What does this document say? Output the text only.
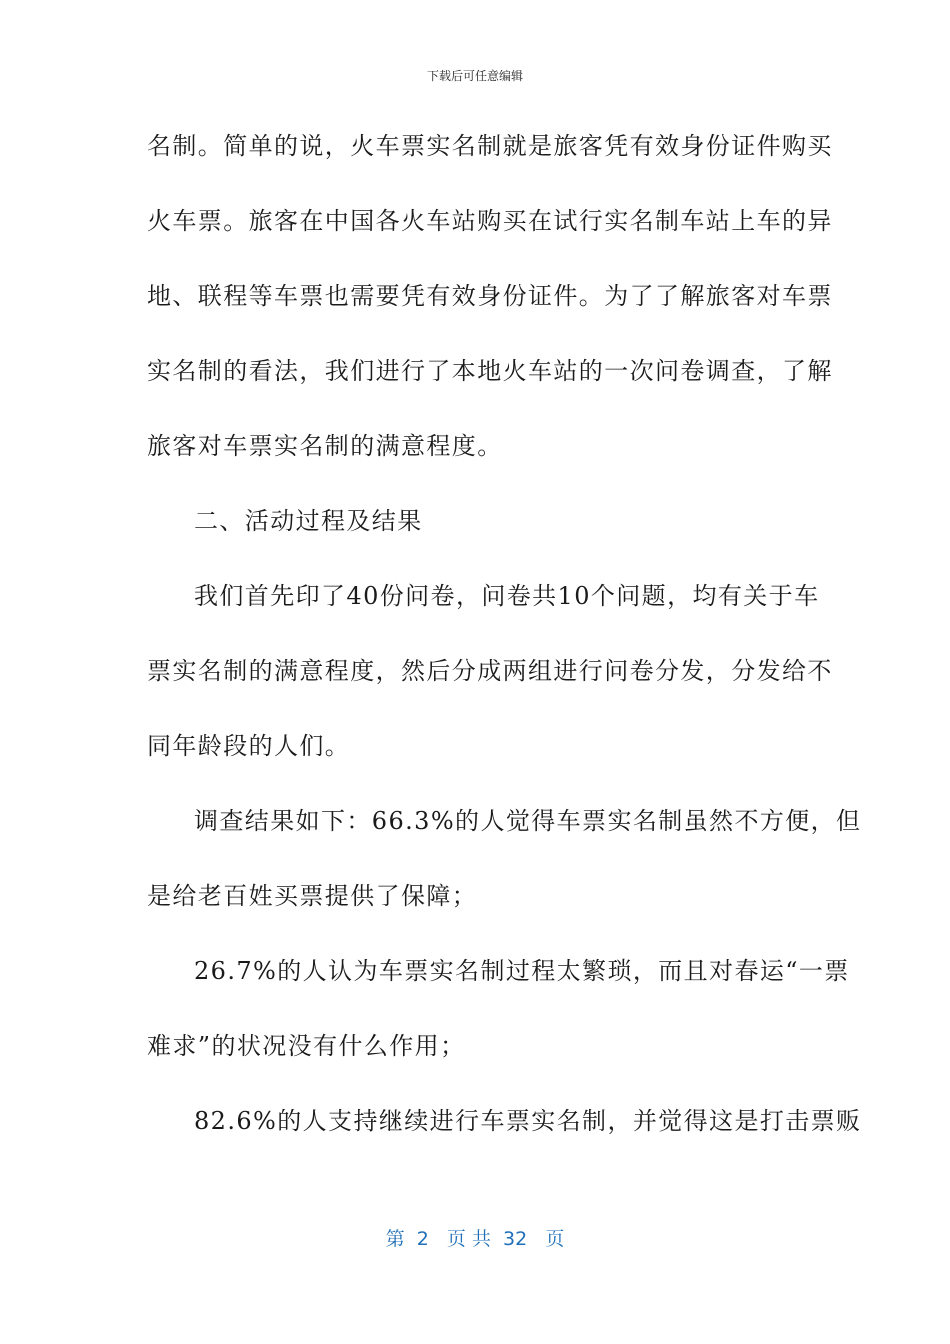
下载后可任意编辑
名制。简单的说，火车票实名制就是旅客凭有效身份证件购买
火车票。旅客在中国各火车站购买在试行实名制车站上车的异
地、联程等车票也需要凭有效身份证件。为了了解旅客对车票
实名制的看法，我们进行了本地火车站的一次问卷调查，了解
旅客对车票实名制的满意程度。
二、活动过程及结果
我们首先印了40份问卷，问卷共10个问题，均有关于车
票实名制的满意程度，然后分成两组进行问卷分发，分发给不
同年龄段的人们。
调查结果如下：66.3%的人觉得车票实名制虽然不方便，但
是给老百姓买票提供了保障；
26.7%的人认为车票实名制过程太繁琐，而且对春运“一票
难求”的状况没有什么作用；
82.6%的人支持继续进行车票实名制，并觉得这是打击票贩
第  2   页 共  32   页
